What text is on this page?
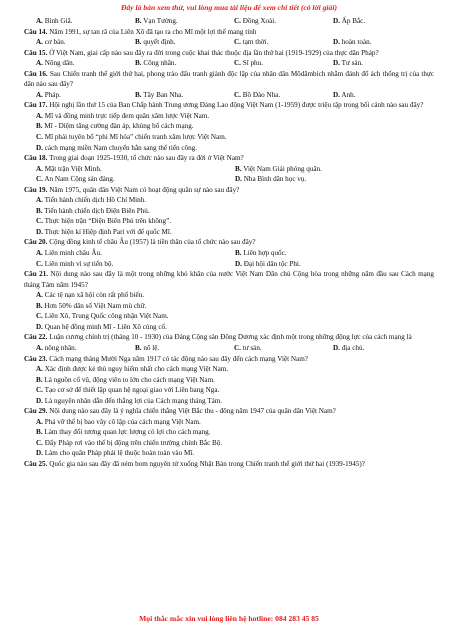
Đây là bản xem thử, vui lòng mua tài liệu để xem chi tiết (có lời giải)
A. Bình Giã.	B. Vạn Tường.	C. Đồng Xoài.	D. Ấp Bắc.

Câu 14. Năm 1991, sự tan rã của Liên Xô đã tạo ra cho Mĩ một lợi thế mang tính

A. cơ bản.	B. quyết định.	C. tạm thời.	D. hoàn toàn.

Câu 15. Ở Việt Nam, giai cấp nào sau đây ra đời trong cuộc khai thác thuộc địa lần thứ hai (1919-1929) của thực dân Pháp?

A. Nông dân.	B. Công nhân.	C. Sĩ phu.	D. Tư sản.

Câu 16. Sau Chiến tranh thế giới thứ hai, phong trào đấu tranh giành độc lập của nhân dân Môdămbích nhằm đánh đổ ách thống trị của thực dân nào sau đây?

A. Pháp.	B. Tây Ban Nha.	C. Bồ Đào Nha.	D. Anh.

Câu 17. Hội nghị lần thứ 15 của Ban Chấp hành Trung ương Đảng Lao động Việt Nam (1-1959) được triệu tập trong bối cảnh nào sau đây?

A. Mĩ và đồng minh trực tiếp đem quân xâm lược Việt Nam.

B. Mĩ - Diệm tăng cường đàn áp, khủng bố cách mạng.

C. Mĩ phải tuyên bố “phi Mĩ hóa” chiến tranh xâm lược Việt Nam.

D. cách mạng miền Nam chuyển hẳn sang thế tiến công.

Câu 18. Trong giai đoạn 1925-1930, tổ chức nào sau đây ra đời ở Việt Nam?

A. Mặt trận Việt Minh.	B. Việt Nam Giải phóng quân.
C. An Nam Cộng sản đảng.	D. Nha Bình dân học vụ.

Câu 19. Năm 1975, quân dân Việt Nam có hoạt động quân sự nào sau đây?

A. Tiến hành chiến dịch Hồ Chí Minh.

B. Tiến hành chiến dịch Điện Biên Phủ.

C. Thực hiện trận “Điện Biên Phủ trên không”.

D. Thực hiện kí Hiệp định Pari với đế quốc Mĩ.

Câu 20. Cộng đồng kinh tế châu Âu (1957) là tiền thân của tổ chức nào sau đây?

A. Liên minh châu Âu.	B. Liên hợp quốc.
C. Liên minh vì sự tiến bộ.	D. Đại hội dân tộc Phi.

Câu 21. Nội dung nào sau đây là một trong những khó khăn của nước Việt Nam Dân chủ Cộng hòa trong những năm đầu sau Cách mạng tháng Tám năm 1945?

A. Các tệ nạn xã hội còn rất phổ biến.

B. Hơn 50% dân số Việt Nam mù chữ.

C. Liên Xô, Trung Quốc công nhận Việt Nam.

D. Quan hệ đồng minh Mĩ - Liên Xô củng cố.

Câu 22. Luận cương chính trị (tháng 10 - 1930) của Đảng Cộng sản Đông Dương xác định một trong những động lực của cách mạng là

A. nông nhân.	B. nô lệ.	C. tư sản.	D. địa chủ.

Câu 23. Cách mạng tháng Mười Nga năm 1917 có tác động nào sau đây đến cách mạng Việt Nam?

A. Xác định được kẻ thù nguy hiểm nhất cho cách mạng Việt Nam.

B. Là nguồn cổ vũ, động viên to lớn cho cách mạng Việt Nam.

C. Tạo cơ sở để thiết lập quan hệ ngoại giao với Liên bang Nga.

D. Là nguyên nhân dẫn đến thắng lợi của Cách mạng tháng Tám.

Câu 29. Nội dung nào sau đây là ý nghĩa chiến thắng Việt Bắc thu - đông năm 1947 của quân dân Việt Nam?

A. Phá vỡ thế bị bao vây cô lập của cách mạng Việt Nam.

B. Làm thay đổi tương quan lực lượng có lợi cho cách mạng.

C. Đẩy Pháp rơi vào thế bị động trên chiến trường chính Bắc Bộ.

D. Làm cho quân Pháp phải lệ thuộc hoàn toàn vào Mĩ.

Câu 25. Quốc gia nào sau đây đã ném bom nguyên tử xuống Nhật Bản trong Chiến tranh thế giới thứ hai (1939-1945)?

Mọi thắc mắc xin vui lòng liên hệ hotline: 084 283 45 85
